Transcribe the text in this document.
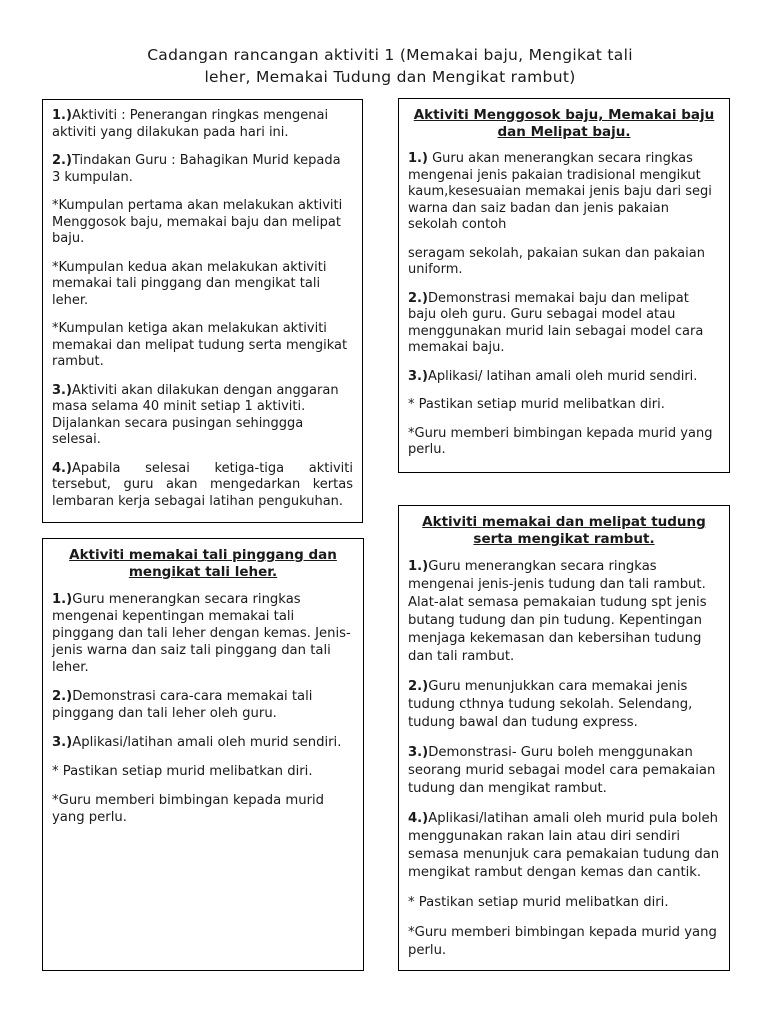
Cadangan rancangan aktiviti 1 (Memakai baju, Mengikat tali
leher, Memakai Tudung dan Mengikat rambut)

1.)Aktiviti : Penerangan ringkas mengenai aktiviti yang dilakukan pada hari ini.

2.)Tindakan Guru : Bahagikan Murid kepada 3 kumpulan.

*Kumpulan pertama akan melakukan aktiviti Menggosok baju, memakai baju dan melipat baju.

*Kumpulan kedua akan melakukan aktiviti memakai tali pinggang dan mengikat tali leher.

*Kumpulan ketiga akan melakukan aktiviti memakai dan melipat tudung serta mengikat rambut.

3.)Aktiviti akan dilakukan dengan anggaran masa selama 40 minit setiap 1 aktiviti. Dijalankan secara pusingan sehinggga selesai.

4.)Apabila selesai ketiga-tiga aktiviti tersebut, guru akan mengedarkan kertas lembaran kerja sebagai latihan pengukuhan.

Aktiviti Menggosok baju, Memakai baju dan Melipat baju.

1.) Guru akan menerangkan secara ringkas mengenai jenis pakaian tradisional mengikut kaum,kesesuaian memakai jenis baju dari segi warna dan saiz badan dan jenis pakaian sekolah contoh

seragam sekolah, pakaian sukan dan pakaian uniform.

2.)Demonstrasi memakai baju dan melipat baju oleh guru. Guru sebagai model atau menggunakan murid lain sebagai model cara memakai baju.

3.)Aplikasi/ latihan amali oleh murid sendiri.

* Pastikan setiap murid melibatkan diri.

*Guru memberi bimbingan kepada murid yang perlu.

Aktiviti memakai tali pinggang dan mengikat tali leher.

1.)Guru menerangkan secara ringkas mengenai kepentingan memakai tali pinggang dan tali leher dengan kemas. Jenis-jenis warna dan saiz tali pinggang dan tali leher.

2.)Demonstrasi cara-cara memakai tali pinggang dan tali leher oleh guru.

3.)Aplikasi/latihan amali oleh murid sendiri.

* Pastikan setiap murid melibatkan diri.

*Guru memberi bimbingan kepada murid yang perlu.

Aktiviti memakai dan melipat tudung serta mengikat rambut.

1.)Guru menerangkan secara ringkas mengenai jenis-jenis tudung dan tali rambut. Alat-alat semasa pemakaian tudung spt jenis butang tudung dan pin tudung. Kepentingan menjaga kekemasan dan kebersihan tudung dan tali rambut.

2.)Guru menunjukkan cara memakai jenis tudung cthnya tudung sekolah. Selendang, tudung bawal dan tudung express.

3.)Demonstrasi- Guru boleh menggunakan seorang murid sebagai model cara pemakaian tudung dan mengikat rambut.

4.)Aplikasi/latihan amali oleh murid pula boleh menggunakan rakan lain atau diri sendiri semasa menunjuk cara pemakaian tudung dan mengikat rambut dengan kemas dan cantik.

* Pastikan setiap murid melibatkan diri.

*Guru memberi bimbingan kepada murid yang perlu.
